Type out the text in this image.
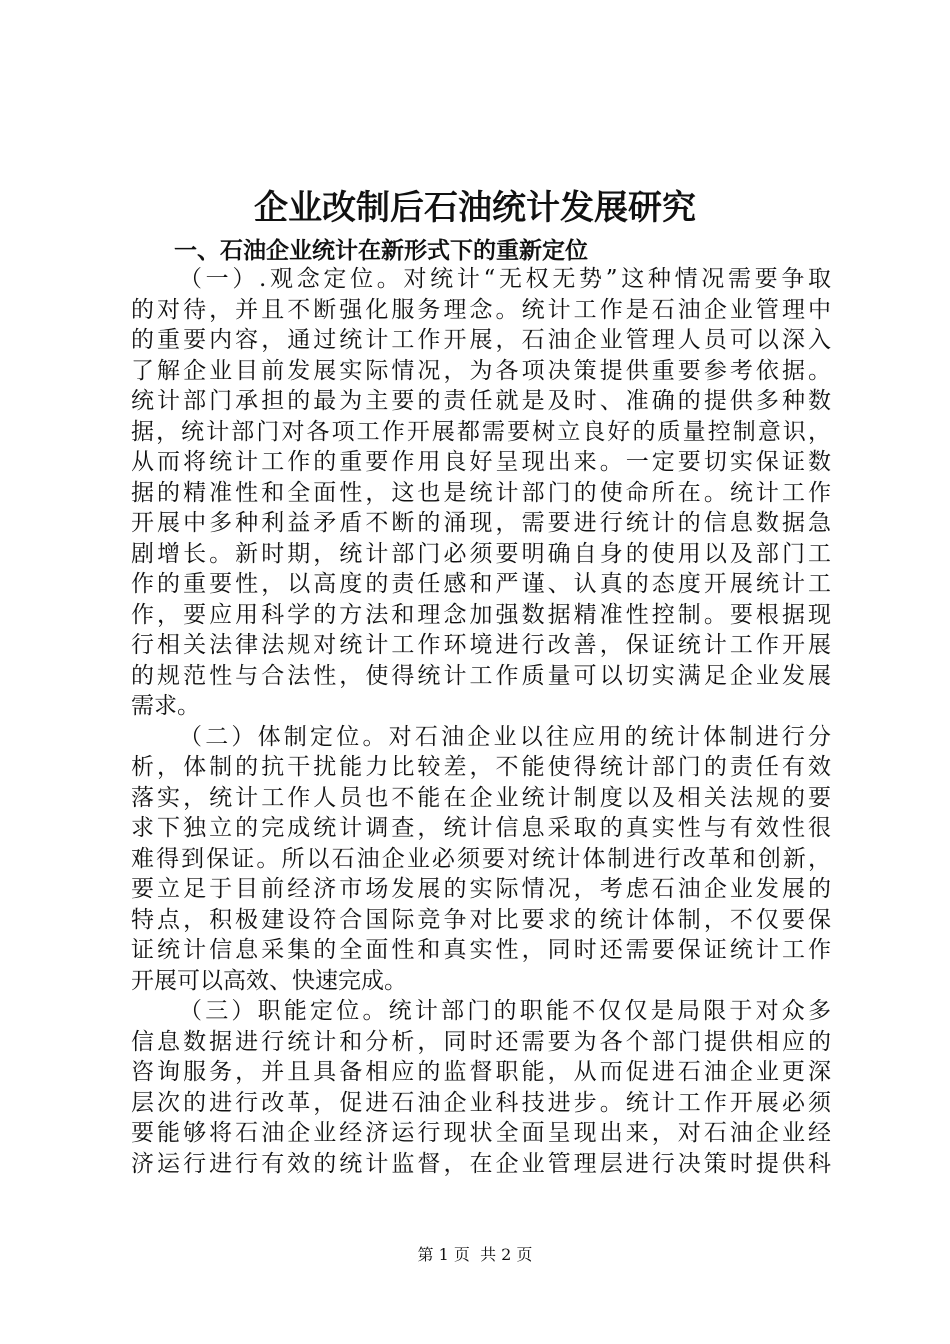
企业改制后石油统计发展研究
一、石油企业统计在新形式下的重新定位

（一）.观念定位。对统计“无权无势”这种情况需要争取
的对待，并且不断强化服务理念。统计工作是石油企业管理中
的重要内容，通过统计工作开展，石油企业管理人员可以深入
了解企业目前发展实际情况，为各项决策提供重要参考依据。
统计部门承担的最为主要的责任就是及时、准确的提供多种数
据，统计部门对各项工作开展都需要树立良好的质量控制意识，
从而将统计工作的重要作用良好呈现出来。一定要切实保证数
据的精准性和全面性，这也是统计部门的使命所在。统计工作
开展中多种利益矛盾不断的涌现，需要进行统计的信息数据急
剧增长。新时期，统计部门必须要明确自身的使用以及部门工
作的重要性，以高度的责任感和严谨、认真的态度开展统计工
作，要应用科学的方法和理念加强数据精准性控制。要根据现
行相关法律法规对统计工作环境进行改善，保证统计工作开展
的规范性与合法性，使得统计工作质量可以切实满足企业发展
需求。

（二）体制定位。对石油企业以往应用的统计体制进行分
析，体制的抗干扰能力比较差，不能使得统计部门的责任有效
落实，统计工作人员也不能在企业统计制度以及相关法规的要
求下独立的完成统计调查，统计信息采取的真实性与有效性很
难得到保证。所以石油企业必须要对统计体制进行改革和创新，
要立足于目前经济市场发展的实际情况，考虑石油企业发展的
特点，积极建设符合国际竞争对比要求的统计体制，不仅要保
证统计信息采集的全面性和真实性，同时还需要保证统计工作
开展可以高效、快速完成。

（三）职能定位。统计部门的职能不仅仅是局限于对众多
信息数据进行统计和分析，同时还需要为各个部门提供相应的
咨询服务，并且具备相应的监督职能，从而促进石油企业更深
层次的进行改革，促进石油企业科技进步。统计工作开展必须
要能够将石油企业经济运行现状全面呈现出来，对石油企业经
济运行进行有效的统计监督，在企业管理层进行决策时提供科

第 1 页  共 2 页
